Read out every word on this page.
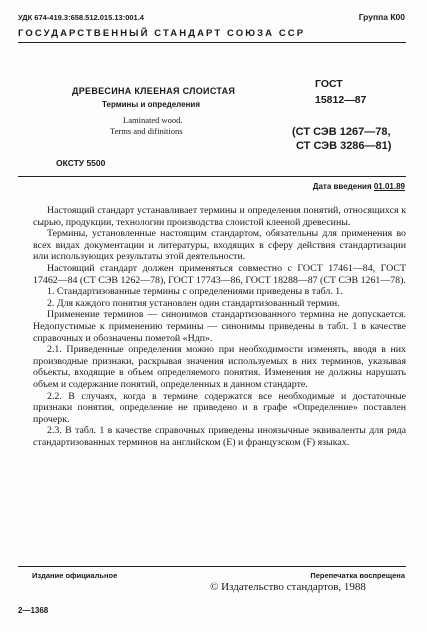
УДК 674-419.3:658.512.015.13:001.4	Группа К00
ГОСУДАРСТВЕННЫЙ СТАНДАРТ СОЮЗА ССР
ДРЕВЕСИНА КЛЕЕНАЯ СЛОИСТАЯ
Термины и определения
Laminated wood.
Terms and difinitions
ГОСТ
15812—87
(СТ СЭВ 1267—78,
СТ СЭВ 3286—81)
ОКСТУ 5500
Дата введения 01.01.89

Настоящий стандарт устанавливает термины и определения понятий, относящихся к сырью, продукции, технологии производства слоистой клееной древесины.

Термины, установленные настоящим стандартом, обязательны для применения во всех видах документации и литературы, входящих в сферу действия стандартизации или использующих результаты этой деятельности.

Настоящий стандарт должен применяться совместно с ГОСТ 17461—84, ГОСТ 17462—84 (СТ СЭВ 1262—78), ГОСТ 17743—86, ГОСТ 18288—87 (СТ СЭВ 1261—78).

1. Стандартизованные термины с определениями приведены в табл. 1.

2. Для каждого понятия установлен один стандартизованный термин.

Применение терминов — синонимов стандартизованного термина не допускается. Недопустимые к применению термины — синонимы приведены в табл. 1 в качестве справочных и обозначены пометой «Ндп».

2.1. Приведенные определения можно при необходимости изменять, вводя в них производные признаки, раскрывая значения используемых в них терминов, указывая объекты, входящие в объем определяемого понятия. Изменения не должны нарушать объем и содержание понятий, определенных в данном стандарте.

2.2. В случаях, когда в термине содержатся все необходимые и достаточные признаки понятия, определение не приведено и в графе «Определение» поставлен прочерк.

2.3. В табл. 1 в качестве справочных приведены иноязычные эквиваленты для ряда стандартизованных терминов на английском (Е) и французском (F) языках.

Издание официальное	Перепечатка воспрещена
© Издательство стандартов, 1988
2—1368
